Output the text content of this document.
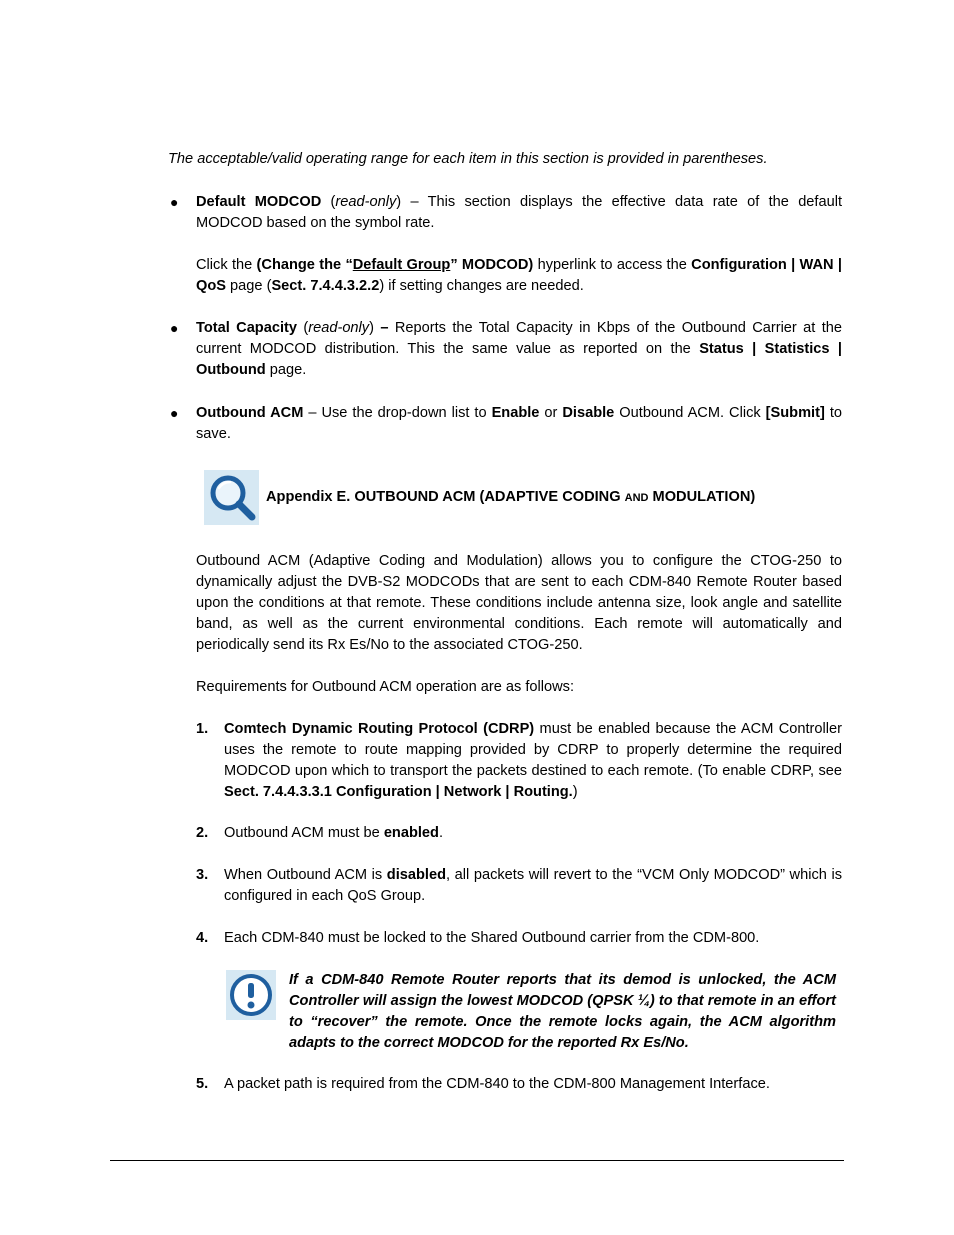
The acceptable/valid operating range for each item in this section is provided in parentheses.
● Default MODCOD (read-only) – This section displays the effective data rate of the default MODCOD based on the symbol rate.
Click the (Change the “Default Group” MODCOD) hyperlink to access the Configuration | WAN | QoS page (Sect. 7.4.4.3.2.2) if setting changes are needed.
● Total Capacity (read-only) – Reports the Total Capacity in Kbps of the Outbound Carrier at the current MODCOD distribution. This the same value as reported on the Status | Statistics | Outbound page.
● Outbound ACM – Use the drop-down list to Enable or Disable Outbound ACM. Click [Submit] to save.
Appendix E. OUTBOUND ACM (ADAPTIVE CODING AND MODULATION)
Outbound ACM (Adaptive Coding and Modulation) allows you to configure the CTOG-250 to dynamically adjust the DVB-S2 MODCODs that are sent to each CDM-840 Remote Router based upon the conditions at that remote. These conditions include antenna size, look angle and satellite band, as well as the current environmental conditions. Each remote will automatically and periodically send its Rx Es/No to the associated CTOG-250.
Requirements for Outbound ACM operation are as follows:
1. Comtech Dynamic Routing Protocol (CDRP) must be enabled because the ACM Controller uses the remote to route mapping provided by CDRP to properly determine the required MODCOD upon which to transport the packets destined to each remote. (To enable CDRP, see Sect. 7.4.4.3.3.1 Configuration | Network | Routing.)
2. Outbound ACM must be enabled.
3. When Outbound ACM is disabled, all packets will revert to the “VCM Only MODCOD” which is configured in each QoS Group.
4. Each CDM-840 must be locked to the Shared Outbound carrier from the CDM-800.
If a CDM-840 Remote Router reports that its demod is unlocked, the ACM Controller will assign the lowest MODCOD (QPSK ¼) to that remote in an effort to “recover” the remote. Once the remote locks again, the ACM algorithm adapts to the correct MODCOD for the reported Rx Es/No.
5. A packet path is required from the CDM-840 to the CDM-800 Management Interface.
